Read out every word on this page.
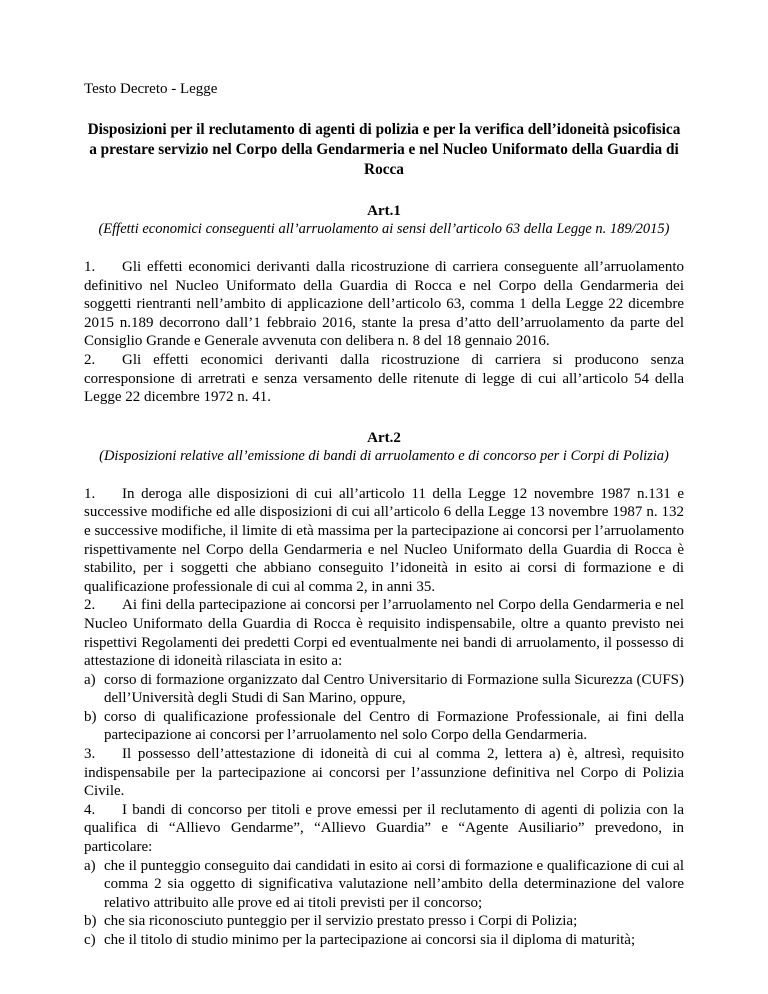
Testo Decreto - Legge

Disposizioni per il reclutamento di agenti di polizia e per la verifica dell’idoneità psicofisica a prestare servizio nel Corpo della Gendarmeria e nel Nucleo Uniformato della Guardia di Rocca

Art.1

(Effetti economici conseguenti all’arruolamento ai sensi dell’articolo 63 della Legge n. 189/2015)

1. Gli effetti economici derivanti dalla ricostruzione di carriera conseguente all’arruolamento definitivo nel Nucleo Uniformato della Guardia di Rocca e nel Corpo della Gendarmeria dei soggetti rientranti nell’ambito di applicazione dell’articolo 63, comma 1 della Legge 22 dicembre 2015 n.189 decorrono dall’1 febbraio 2016, stante la presa d’atto dell’arruolamento da parte del Consiglio Grande e Generale avvenuta con delibera n. 8 del 18 gennaio 2016.

2. Gli effetti economici derivanti dalla ricostruzione di carriera si producono senza corresponsione di arretrati e senza versamento delle ritenute di legge di cui all’articolo 54 della Legge 22 dicembre 1972 n. 41.

Art.2

(Disposizioni relative all’emissione di bandi di arruolamento e di concorso per i Corpi di Polizia)

1. In deroga alle disposizioni di cui all’articolo 11 della Legge 12 novembre 1987 n.131 e successive modifiche ed alle disposizioni di cui all’articolo 6 della Legge 13 novembre 1987 n. 132 e successive modifiche, il limite di età massima per la partecipazione ai concorsi per l’arruolamento rispettivamente nel Corpo della Gendarmeria e nel Nucleo Uniformato della Guardia di Rocca è stabilito, per i soggetti che abbiano conseguito l’idoneità in esito ai corsi di formazione e di qualificazione professionale di cui al comma 2, in anni 35.

2. Ai fini della partecipazione ai concorsi per l’arruolamento nel Corpo della Gendarmeria e nel Nucleo Uniformato della Guardia di Rocca è requisito indispensabile, oltre a quanto previsto nei rispettivi Regolamenti dei predetti Corpi ed eventualmente nei bandi di arruolamento, il possesso di attestazione di idoneità rilasciata in esito a:

a) corso di formazione organizzato dal Centro Universitario di Formazione sulla Sicurezza (CUFS) dell’Università degli Studi di San Marino, oppure,

b) corso di qualificazione professionale del Centro di Formazione Professionale, ai fini della partecipazione ai concorsi per l’arruolamento nel solo Corpo della Gendarmeria.

3. Il possesso dell’attestazione di idoneità di cui al comma 2, lettera a) è, altresì, requisito indispensabile per la partecipazione ai concorsi per l’assunzione definitiva nel Corpo di Polizia Civile.

4. I bandi di concorso per titoli e prove emessi per il reclutamento di agenti di polizia con la qualifica di “Allievo Gendarme”, “Allievo Guardia” e “Agente Ausiliario” prevedono, in particolare:

a) che il punteggio conseguito dai candidati in esito ai corsi di formazione e qualificazione di cui al comma 2 sia oggetto di significativa valutazione nell’ambito della determinazione del valore relativo attribuito alle prove ed ai titoli previsti per il concorso;

b) che sia riconosciuto punteggio per il servizio prestato presso i Corpi di Polizia;

c) che il titolo di studio minimo per la partecipazione ai concorsi sia il diploma di maturità;
